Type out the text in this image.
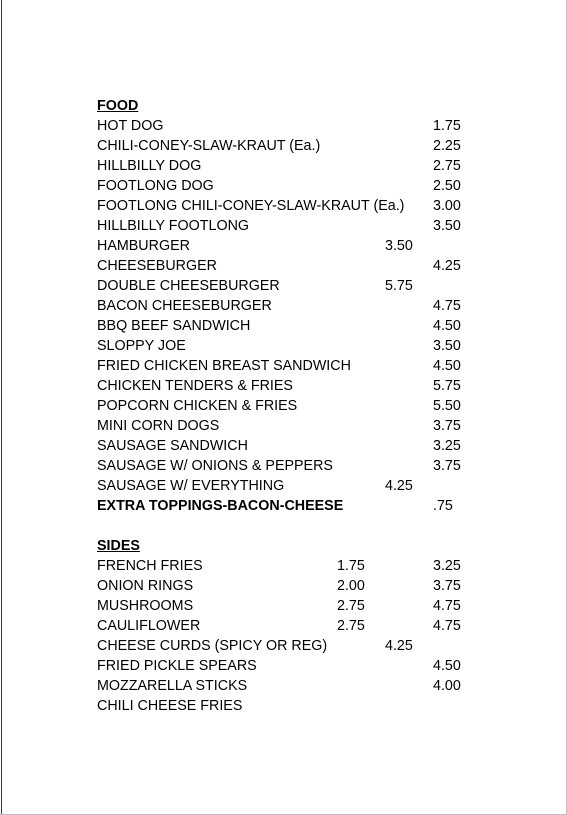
FOOD
HOT DOG	1.75
CHILI-CONEY-SLAW-KRAUT (Ea.)	2.25
HILLBILLY DOG	2.75
FOOTLONG DOG	2.50
FOOTLONG CHILI-CONEY-SLAW-KRAUT (Ea.) 3.00
HILLBILLY FOOTLONG	3.50
HAMBURGER	3.50
CHEESEBURGER	4.25
DOUBLE CHEESEBURGER	5.75
BACON CHEESEBURGER	4.75
BBQ BEEF SANDWICH	4.50
SLOPPY JOE	3.50
FRIED CHICKEN BREAST SANDWICH	4.50
CHICKEN TENDERS & FRIES	5.75
POPCORN CHICKEN & FRIES	5.50
MINI CORN DOGS	3.75
SAUSAGE SANDWICH	3.25
SAUSAGE W/ ONIONS & PEPPERS	3.75
SAUSAGE W/ EVERYTHING	4.25
EXTRA TOPPINGS-BACON-CHEESE	.75
SIDES
FRENCH FRIES	1.75	3.25
ONION RINGS	2.00	3.75
MUSHROOMS	2.75	4.75
CAULIFLOWER	2.75	4.75
CHEESE CURDS (SPICY OR REG)	4.25
FRIED PICKLE SPEARS	4.50
MOZZARELLA STICKS	4.00
CHILI CHEESE FRIES
